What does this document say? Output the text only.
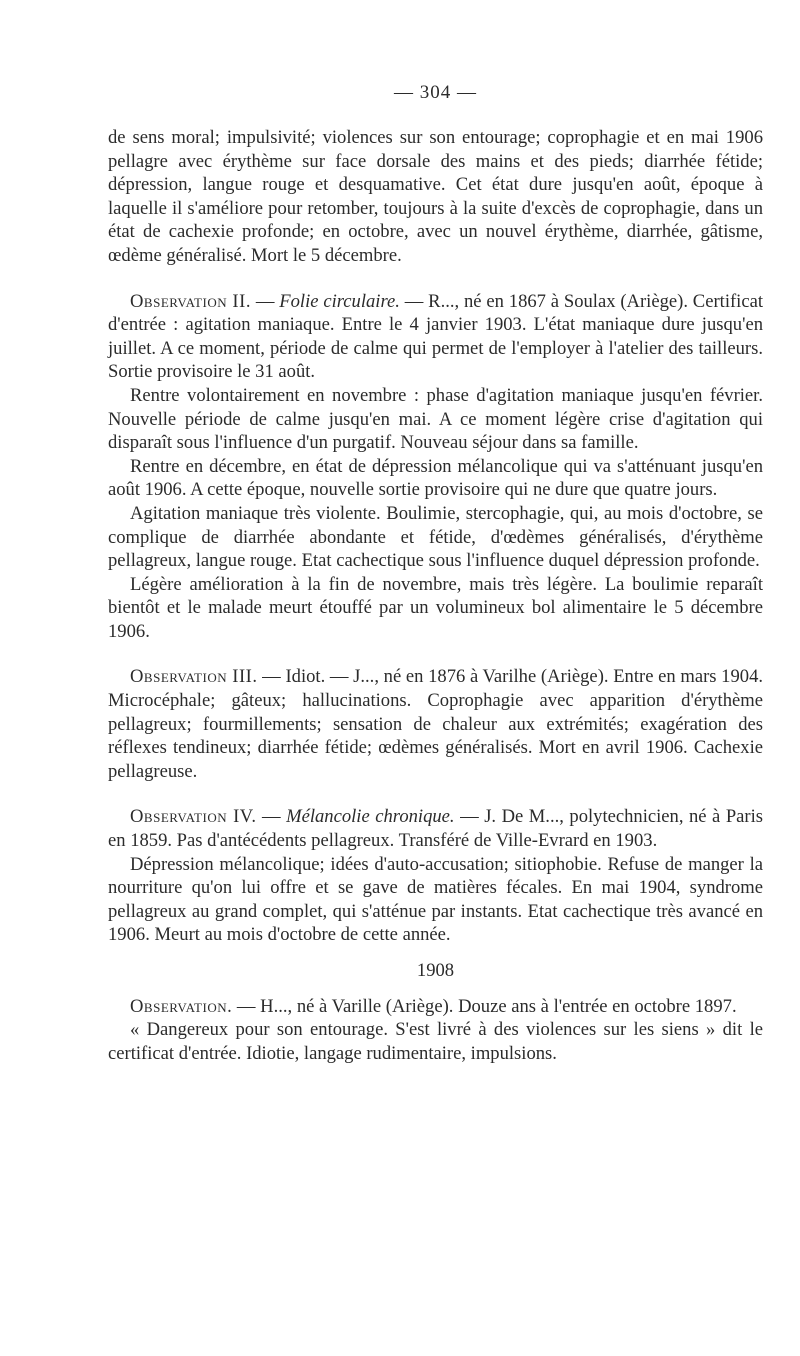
— 304 —

de sens moral; impulsivité; violences sur son entourage; coprophagie et en mai 1906 pellagre avec érythème sur face dorsale des mains et des pieds; diarrhée fétide; dépression, langue rouge et desquamative. Cet état dure jusqu'en août, époque à laquelle il s'améliore pour retomber, toujours à la suite d'excès de coprophagie, dans un état de cachexie profonde; en octobre, avec un nouvel érythème, diarrhée, gâtisme, œdème généralisé. Mort le 5 décembre.

Observation II. — Folie circulaire. — R..., né en 1867 à Soulax (Ariège). Certificat d'entrée : agitation maniaque. Entre le 4 janvier 1903. L'état maniaque dure jusqu'en juillet. A ce moment, période de calme qui permet de l'employer à l'atelier des tailleurs. Sortie provisoire le 31 août.

Rentre volontairement en novembre : phase d'agitation maniaque jusqu'en février. Nouvelle période de calme jusqu'en mai. A ce moment légère crise d'agitation qui disparaît sous l'influence d'un purgatif. Nouveau séjour dans sa famille.

Rentre en décembre, en état de dépression mélancolique qui va s'atténuant jusqu'en août 1906. A cette époque, nouvelle sortie provisoire qui ne dure que quatre jours.

Agitation maniaque très violente. Boulimie, stercophagie, qui, au mois d'octobre, se complique de diarrhée abondante et fétide, d'œdèmes généralisés, d'érythème pellagreux, langue rouge. Etat cachectique sous l'influence duquel dépression profonde.

Légère amélioration à la fin de novembre, mais très légère. La boulimie reparaît bientôt et le malade meurt étouffé par un volumineux bol alimentaire le 5 décembre 1906.

Observation III. — Idiot. — J..., né en 1876 à Varilhe (Ariège). Entre en mars 1904. Microcéphale; gâteux; hallucinations. Coprophagie avec apparition d'érythème pellagreux; fourmillements; sensation de chaleur aux extrémités; exagération des réflexes tendineux; diarrhée fétide; œdèmes généralisés. Mort en avril 1906. Cachexie pellagreuse.

Observation IV. — Mélancolie chronique. — J. De M..., polytechnicien, né à Paris en 1859. Pas d'antécédents pellagreux. Transféré de Ville-Evrard en 1903.

Dépression mélancolique; idées d'auto-accusation; sitiophobie. Refuse de manger la nourriture qu'on lui offre et se gave de matières fécales. En mai 1904, syndrome pellagreux au grand complet, qui s'atténue par instants. Etat cachectique très avancé en 1906. Meurt au mois d'octobre de cette année.

1908

Observation. — H..., né à Varille (Ariège). Douze ans à l'entrée en octobre 1897.

« Dangereux pour son entourage. S'est livré à des violences sur les siens » dit le certificat d'entrée. Idiotie, langage rudimentaire, impulsions.
